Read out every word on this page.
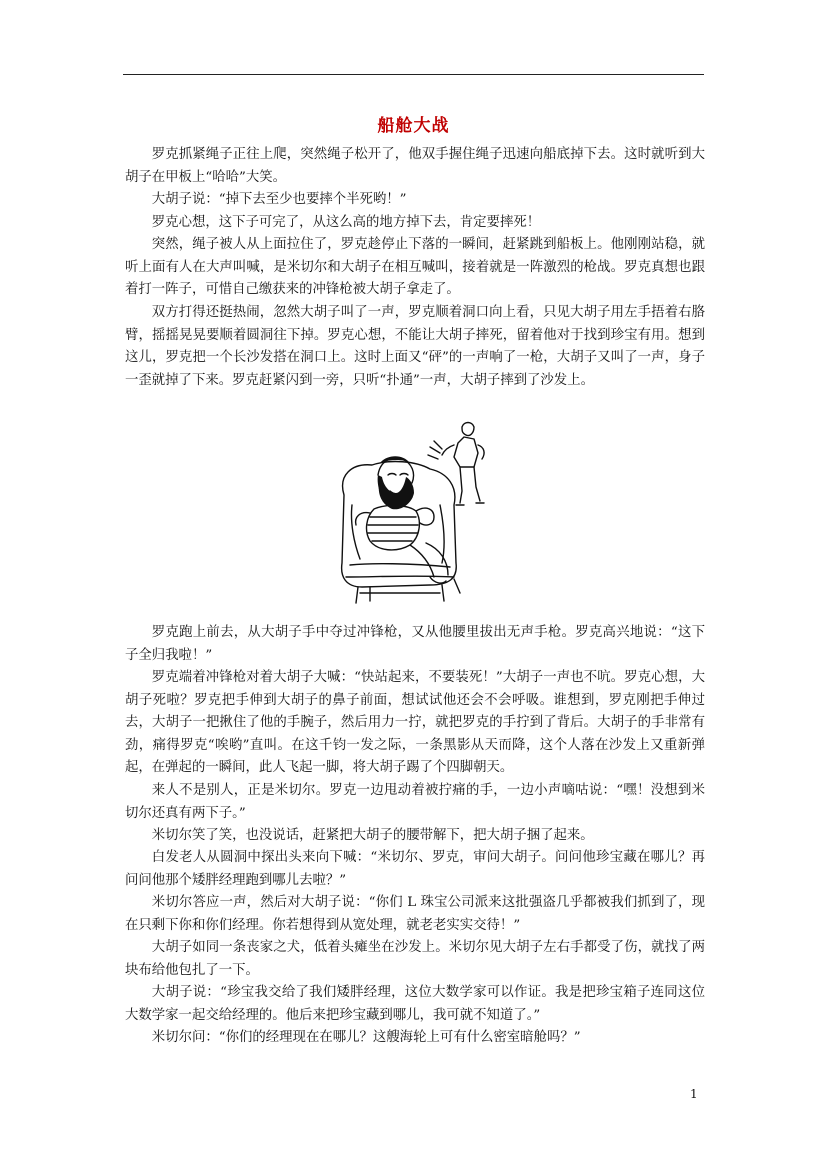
船舱大战

罗克抓紧绳子正往上爬，突然绳子松开了，他双手握住绳子迅速向船底掉下去。这时就听到大胡子在甲板上“哈哈”大笑。

大胡子说：“掉下去至少也要摔个半死哟！”

罗克心想，这下子可完了，从这么高的地方掉下去，肯定要摔死！

突然，绳子被人从上面拉住了，罗克趁停止下落的一瞬间，赶紧跳到船板上。他刚刚站稳，就听上面有人在大声叫喊，是米切尔和大胡子在相互喊叫，接着就是一阵激烈的枪战。罗克真想也跟着打一阵子，可惜自己缴获来的冲锋枪被大胡子拿走了。

双方打得还挺热闹，忽然大胡子叫了一声，罗克顺着洞口向上看，只见大胡子用左手捂着右胳臂，摇摇晃晃要顺着圆洞往下掉。罗克心想，不能让大胡子摔死，留着他对于找到珍宝有用。想到这儿，罗克把一个长沙发搭在洞口上。这时上面又“砰”的一声响了一枪，大胡子又叫了一声，身子一歪就掉了下来。罗克赶紧闪到一旁，只听“扑通”一声，大胡子摔到了沙发上。

罗克跑上前去，从大胡子手中夺过冲锋枪，又从他腰里拔出无声手枪。罗克高兴地说：“这下子全归我啦！”

罗克端着冲锋枪对着大胡子大喊：“快站起来，不要装死！”大胡子一声也不吭。罗克心想，大胡子死啦？罗克把手伸到大胡子的鼻子前面，想试试他还会不会呼吸。谁想到，罗克刚把手伸过去，大胡子一把揪住了他的手腕子，然后用力一拧，就把罗克的手拧到了背后。大胡子的手非常有劲，痛得罗克“唉哟”直叫。在这千钧一发之际，一条黑影从天而降，这个人落在沙发上又重新弹起，在弹起的一瞬间，此人飞起一脚，将大胡子踢了个四脚朝天。

来人不是别人，正是米切尔。罗克一边甩动着被拧痛的手，一边小声嘀咕说：“嘿！没想到米切尔还真有两下子。”

米切尔笑了笑，也没说话，赶紧把大胡子的腰带解下，把大胡子捆了起来。

白发老人从圆洞中探出头来向下喊：“米切尔、罗克，审问大胡子。问问他珍宝藏在哪儿？再问问他那个矮胖经理跑到哪儿去啦？”

米切尔答应一声，然后对大胡子说：“你们 L 珠宝公司派来这批强盗几乎都被我们抓到了，现在只剩下你和你们经理。你若想得到从宽处理，就老老实实交待！”

大胡子如同一条丧家之犬，低着头瘫坐在沙发上。米切尔见大胡子左右手都受了伤，就找了两块布给他包扎了一下。

大胡子说：“珍宝我交给了我们矮胖经理，这位大数学家可以作证。我是把珍宝箱子连同这位大数学家一起交给经理的。他后来把珍宝藏到哪儿，我可就不知道了。”

米切尔问：“你们的经理现在在哪儿？这艘海轮上可有什么密室暗舱吗？”

1
